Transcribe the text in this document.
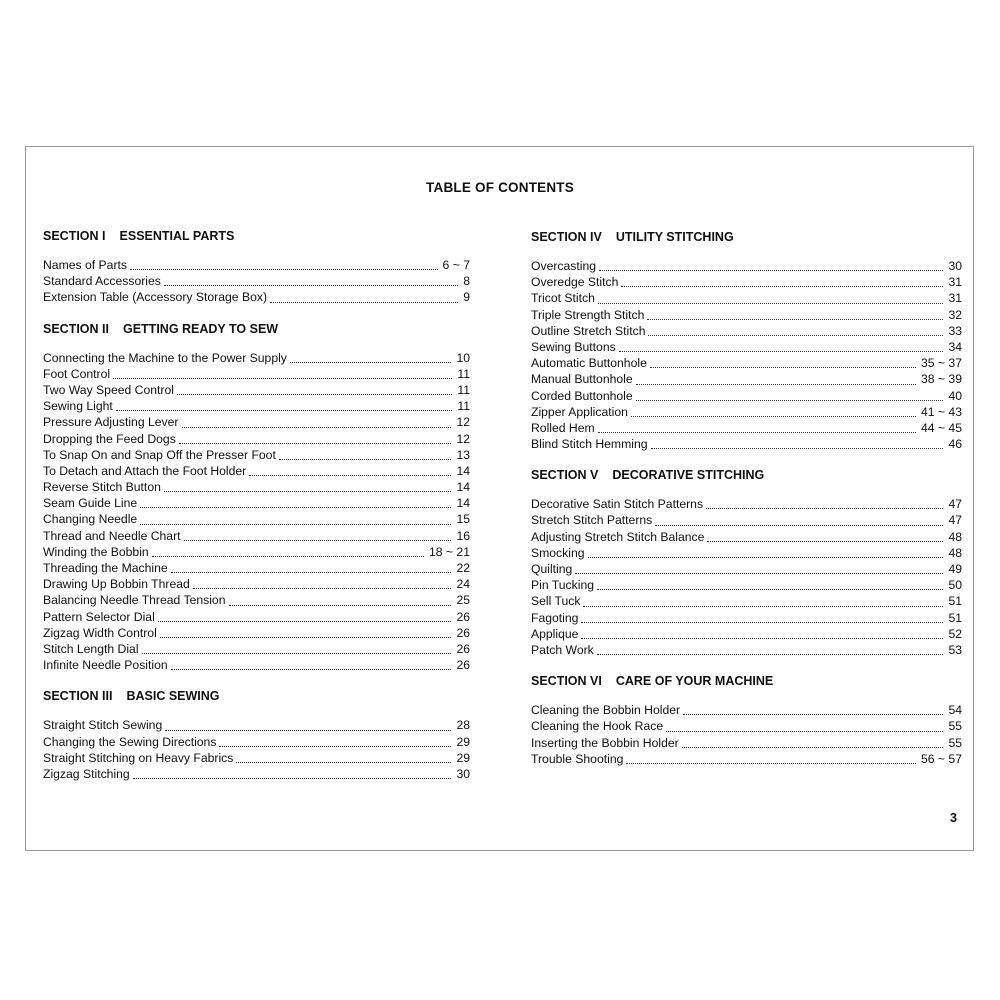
TABLE OF CONTENTS
SECTION I ESSENTIAL PARTS
Names of Parts	6 ~ 7
Standard Accessories	8
Extension Table (Accessory Storage Box)	9
SECTION II GETTING READY TO SEW
Connecting the Machine to the Power Supply	10
Foot Control	11
Two Way Speed Control	11
Sewing Light	11
Pressure Adjusting Lever	12
Dropping the Feed Dogs	12
To Snap On and Snap Off the Presser Foot	13
To Detach and Attach the Foot Holder	14
Reverse Stitch Button	14
Seam Guide Line	14
Changing Needle	15
Thread and Needle Chart	16
Winding the Bobbin	18 ~ 21
Threading the Machine	22
Drawing Up Bobbin Thread	24
Balancing Needle Thread Tension	25
Pattern Selector Dial	26
Zigzag Width Control	26
Stitch Length Dial	26
Infinite Needle Position	26
SECTION III BASIC SEWING
Straight Stitch Sewing	28
Changing the Sewing Directions	29
Straight Stitching on Heavy Fabrics	29
Zigzag Stitching	30
SECTION IV UTILITY STITCHING
Overcasting	30
Overedge Stitch	31
Tricot Stitch	31
Triple Strength Stitch	32
Outline Stretch Stitch	33
Sewing Buttons	34
Automatic Buttonhole	35 ~ 37
Manual Buttonhole	38 ~ 39
Corded Buttonhole	40
Zipper Application	41 ~ 43
Rolled Hem	44 ~ 45
Blind Stitch Hemming	46
SECTION V DECORATIVE STITCHING
Decorative Satin Stitch Patterns	47
Stretch Stitch Patterns	47
Adjusting Stretch Stitch Balance	48
Smocking	48
Quilting	49
Pin Tucking	50
Sell Tuck	51
Fagoting	51
Applique	52
Patch Work	53
SECTION VI CARE OF YOUR MACHINE
Cleaning the Bobbin Holder	54
Cleaning the Hook Race	55
Inserting the Bobbin Holder	55
Trouble Shooting	56 ~ 57
3
